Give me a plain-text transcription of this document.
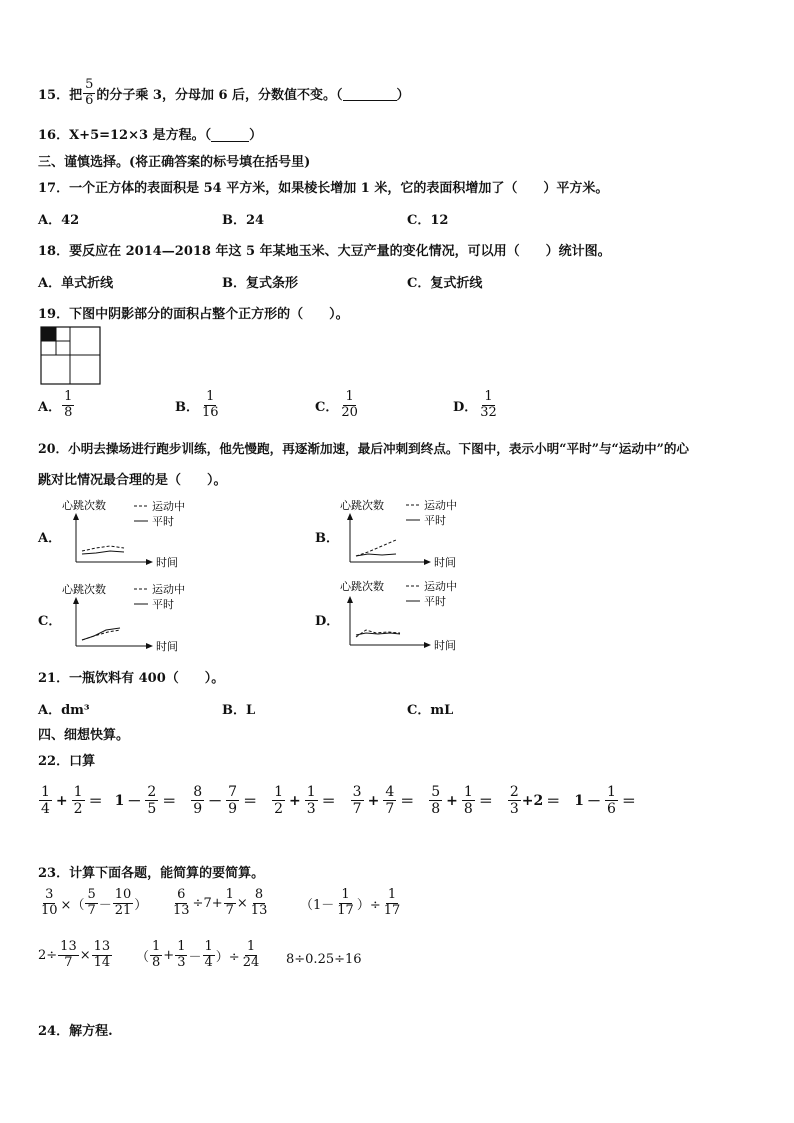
15．把 $\frac{5}{6}$ 的分子乘 3，分母加 6 后，分数值不变。（
	）
16．X+5=12×3 是方程。（
	）
三、谨慎选择。(将正确答案的标号填在括号里)
17．一个正方体的表面积是 54 平方米，如果棱长增加 1 米，它的表面积增加了（　　）平方米。
A．42	B．24	C．12
18．要反应在 2014—2018 年这 5 年某地玉米、大豆产量的变化情况，可以用（　　）统计图。
A．单式折线	B．复式条形	C．复式折线
19．下图中阴影部分的面积占整个正方形的（　　）。
A． $\frac{1}{8}$	B． $\frac{1}{16}$	C． $\frac{1}{20}$	D． $\frac{1}{32}$
20．小明去操场进行跑步训练，他先慢跑，再逐渐加速，最后冲刺到终点。下图中，表示小明“平时”与“运动中”的心
跳对比情况最合理的是（　　）。
A．	B．
C．	D．
心跳次数	运动中
平时
时间
心跳次数	运动中
平时
时间
心跳次数	运动中
平时
时间
心跳次数	运动中
平时
时间
21．一瓶饮料有 400（　　）。
A．dm³	B．L	C．mL
四、细想快算。
22．口算
$\frac{1}{4} + \frac{1}{2} = 1 - \frac{2}{5} = \frac{8}{9} - \frac{7}{9} = \frac{1}{2} + \frac{1}{3} = \frac{3}{7} + \frac{4}{7} = \frac{5}{8} + \frac{1}{8} = \frac{2}{3} + 2 = 1 - \frac{1}{6}$ ＝
23．计算下面各题，能简算的要简算。
$\frac{3}{10}$ ×（ $\frac{5}{7} - \frac{10}{21}$ ） $\frac{6}{13} \div 7+ \frac{1}{7} \times \frac{8}{13} (1- \frac{1}{17}$ ）÷ $\frac{1}{17}$
$2\div \frac{13}{7} \times \frac{13}{14}$ （ $\frac{1}{8} + \frac{1}{3} - \frac{1}{4}$ ）÷ $\frac{1}{24} 8\div 0.25\div 16$
24．解方程.
